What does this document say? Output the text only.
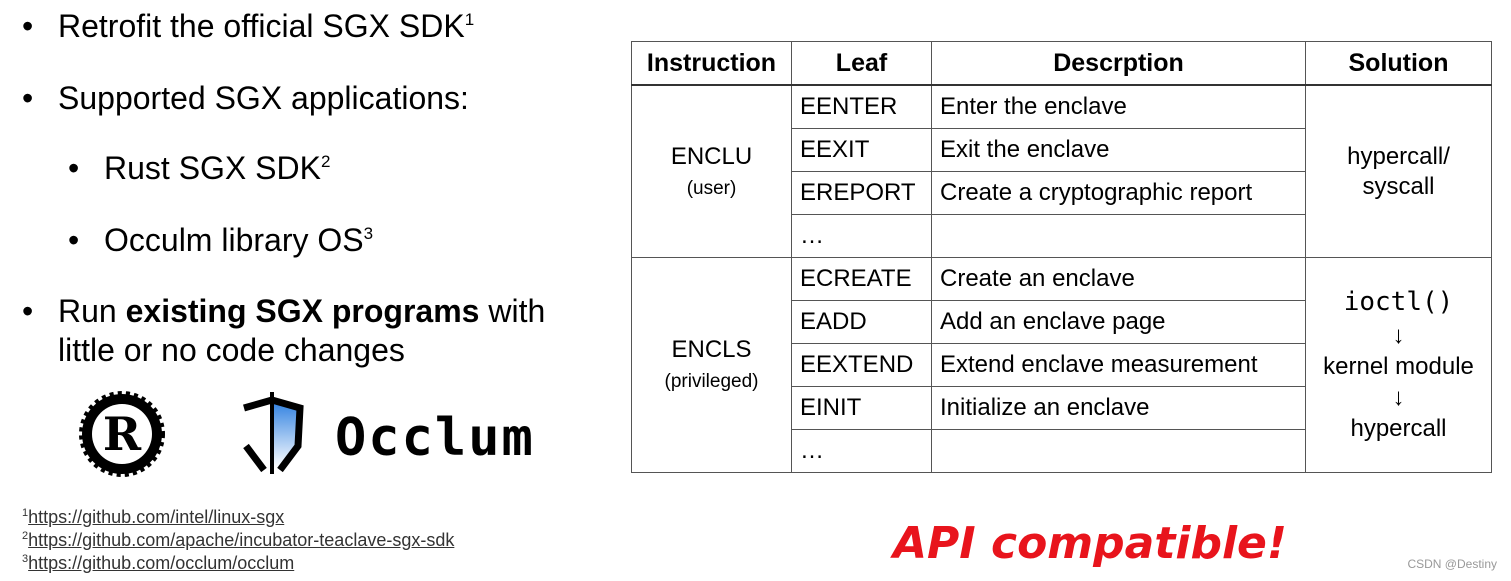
• Retrofit the official SGX SDK$^1$
• Supported SGX applications:
• Rust SGX SDK$^2$
• Occulm library $OS^3$
• Run existing SGX programs with
little or no code changes
R	Occlum
$^1$https://github.com/intel/linux-sgx
$^2$https://github.com/apache/incubator-teaclave-sgx-sdk
$^3$https://github.com/occlum/occlum
Instruction	Leaf	Descrption	Solution
ENCLU
(user)	EENTER	Enter the enclave	hypercall/
syscall
	EEXIT	Exit the enclave	
	EREPORT	Create a cryptographic report	
	…		
ENCLS
(privileged)	ECREATE	Create an enclave	ioctl()
↓
kernel module
↓
hypercall
	EADD	Add an enclave page	
	EEXTEND	Extend enclave measurement	
	EINIT	Initialize an enclave	
	…		
API compatible!	CSDN @Destiny
